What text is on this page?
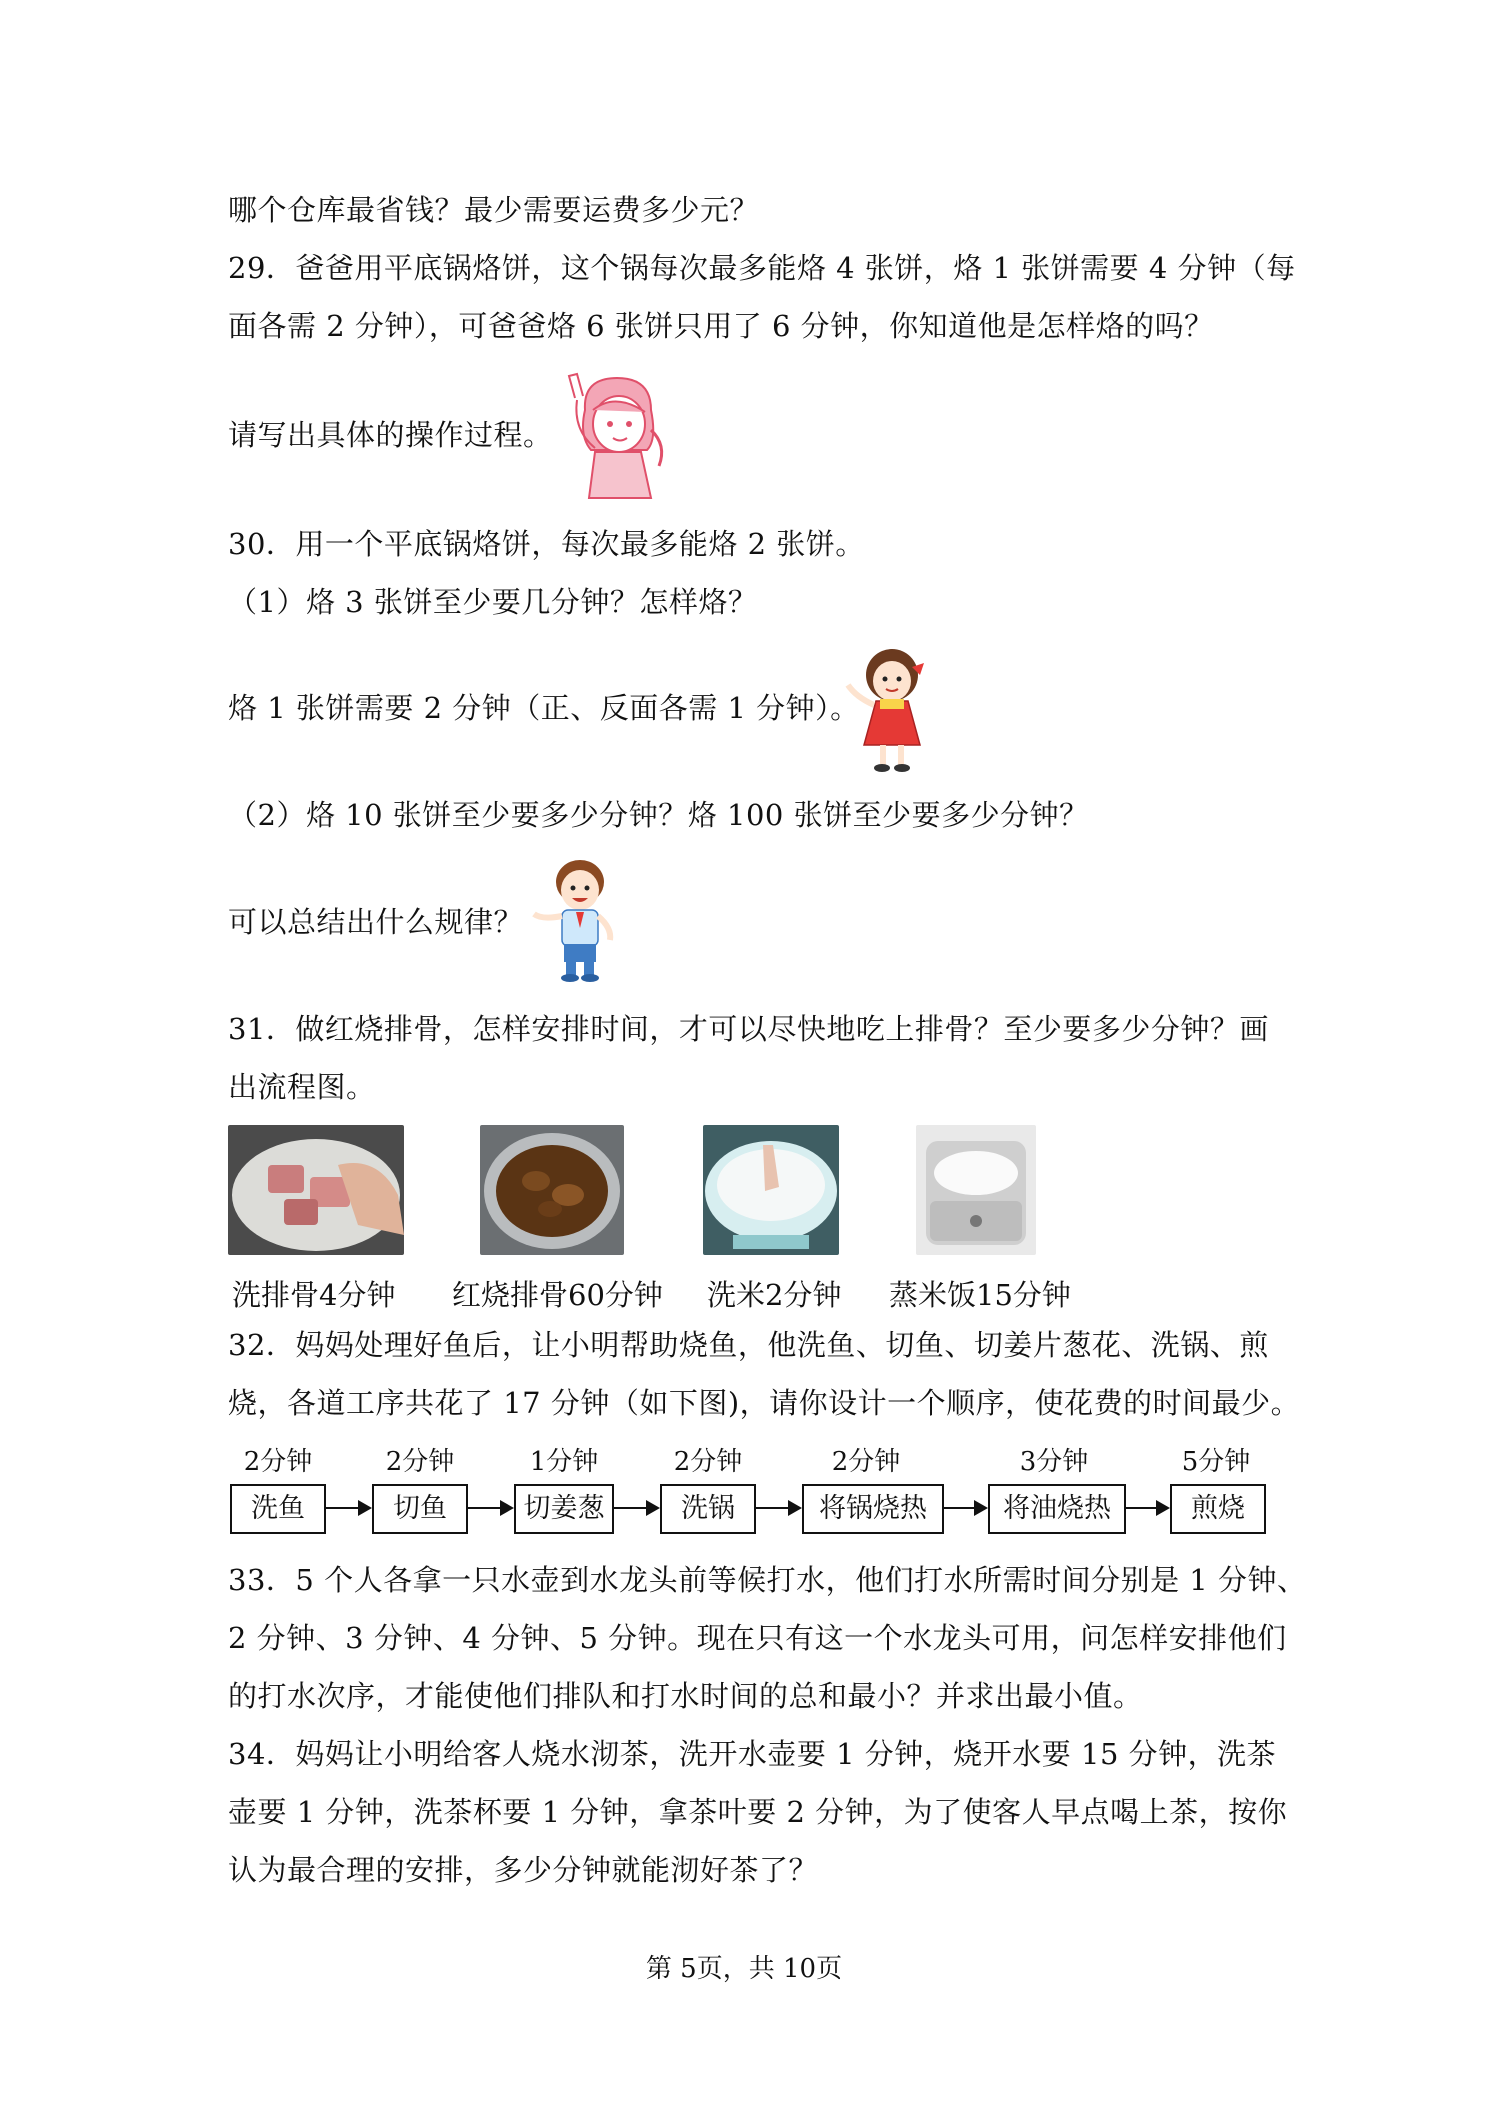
哪个仓库最省钱？最少需要运费多少元？
29．爸爸用平底锅烙饼，这个锅每次最多能烙 4 张饼，烙 1 张饼需要 4 分钟（每
面各需 2 分钟），可爸爸烙 6 张饼只用了 6 分钟，你知道他是怎样烙的吗？
请写出具体的操作过程。
30．用一个平底锅烙饼，每次最多能烙 2 张饼。
（1）烙 3 张饼至少要几分钟？怎样烙？
烙 1 张饼需要 2 分钟（正、反面各需 1 分钟）。
（2）烙 10 张饼至少要多少分钟？烙 100 张饼至少要多少分钟？
可以总结出什么规律？
31．做红烧排骨，怎样安排时间，才可以尽快地吃上排骨？至少要多少分钟？画
出流程图。
洗排骨4分钟 红烧排骨60分钟 洗米2分钟 蒸米饭15分钟
32．妈妈处理好鱼后，让小明帮助烧鱼，他洗鱼、切鱼、切姜片葱花、洗锅、煎
烧，各道工序共花了 17 分钟（如下图)，请你设计一个顺序，使花费的时间最少。
2分钟	2分钟	1分钟	2分钟	2分钟	3分钟	5分钟
洗鱼	切鱼	切姜葱	洗锅	将锅烧热	将油烧热	煎烧
33．5 个人各拿一只水壶到水龙头前等候打水，他们打水所需时间分别是 1 分钟、
2 分钟、3 分钟、4 分钟、5 分钟。现在只有这一个水龙头可用，问怎样安排他们
的打水次序，才能使他们排队和打水时间的总和最小？并求出最小值。
34．妈妈让小明给客人烧水沏茶，洗开水壶要 1 分钟，烧开水要 15 分钟，洗茶
壶要 1 分钟，洗茶杯要 1 分钟，拿茶叶要 2 分钟，为了使客人早点喝上茶，按你
认为最合理的安排，多少分钟就能沏好茶了？
第 5页，共 10页
